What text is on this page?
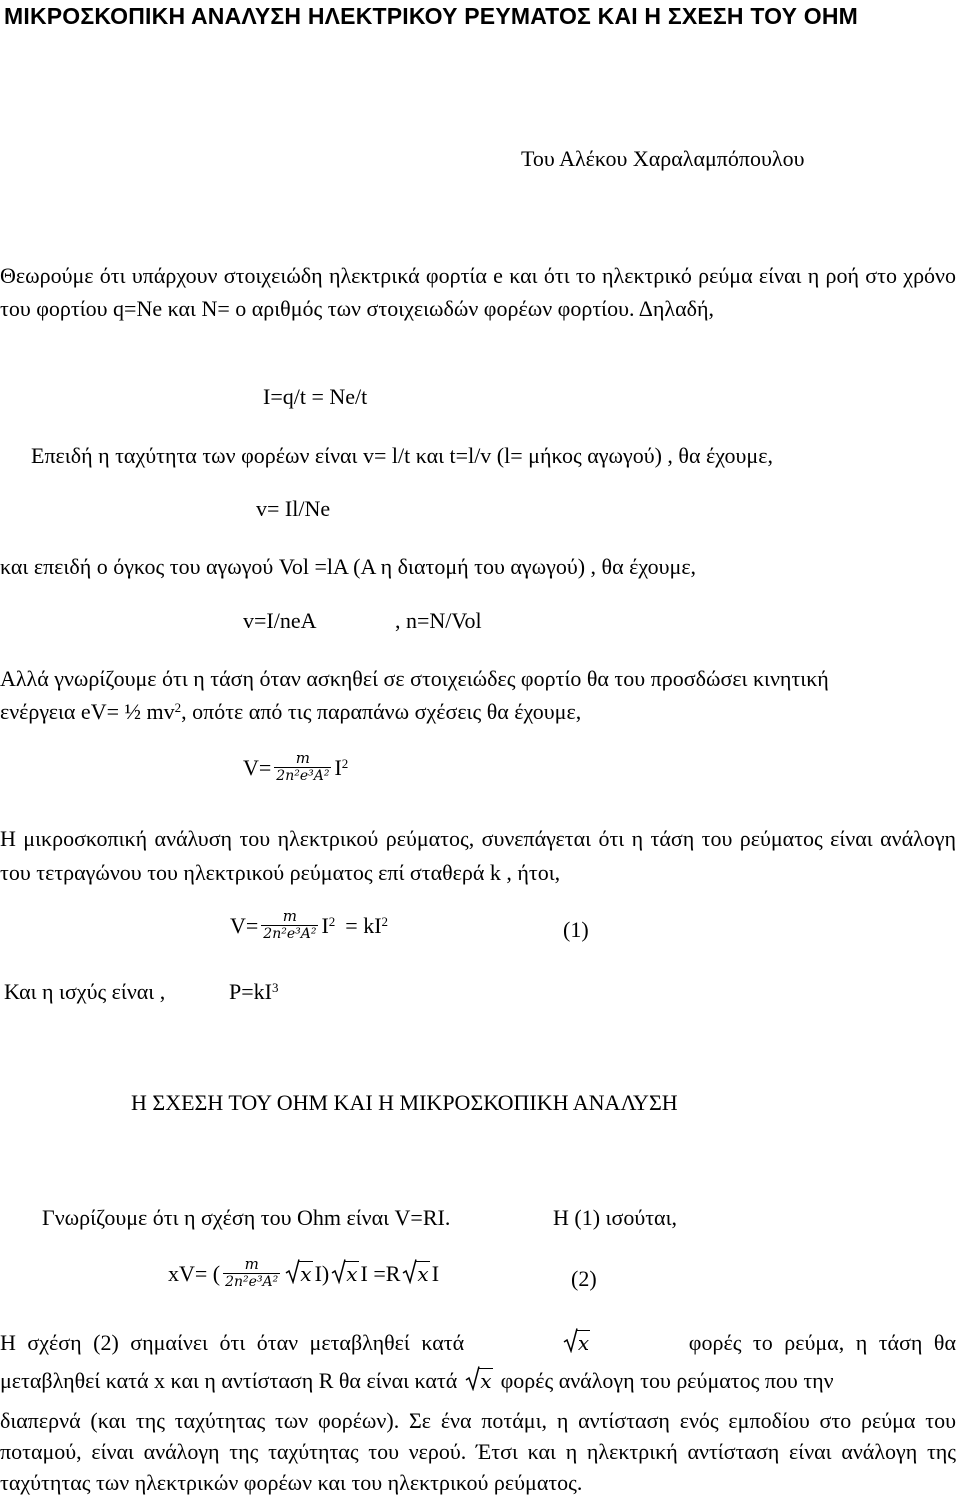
ΜΙΚΡΟΣΚΟΠΙΚΗ ΑΝΑΛΥΣΗ ΗΛΕΚΤΡΙΚΟΥ ΡΕΥΜΑΤΟΣ ΚΑΙ Η ΣΧΕΣΗ ΤΟΥ ΟΗΜ
Του Αλέκου Χαραλαμπόπουλου
Θεωρούμε ότι υπάρχουν στοιχειώδη ηλεκτρικά φορτία e και ότι το ηλεκτρικό ρεύμα είναι η ροή στο χρόνο του φορτίου q=Ne και N= ο αριθμός των στοιχειωδών φορέων φορτίου. Δηλαδή,
I=q/t = Ne/t
Επειδή η ταχύτητα των φορέων είναι v= l/t και t=l/v (l= μήκος αγωγού) , θα έχουμε,
v= Il/Ne
και επειδή ο όγκος του αγωγού Vol =lA (A η διατομή του αγωγού) , θα έχουμε,
v=I/neA	, n=N/Vol
Αλλά γνωρίζουμε ότι η τάση όταν ασκηθεί σε στοιχειώδες φορτίο θα του προσδώσει κινητική
ενέργεια eV= ½ $mv^2$, οπότε από τις παραπάνω σχέσεις θα έχουμε,
$V= \frac{m}{\text{2n²e³A²}} I^2$
Η μικροσκοπική ανάλυση του ηλεκτρικού ρεύματος, συνεπάγεται ότι η τάση του ρεύματος είναι ανάλογη του τετραγώνου του ηλεκτρικού ρεύματος επί σταθερά k , ήτοι,
$V= \frac{m}{\text{2n²e³A²}} I^2 = kI^2$	(1)
Και η ισχύς είναι ,	$P=kI^3$
Η ΣΧΕΣΗ ΤΟΥ ΟΗΜ ΚΑΙ Η ΜΙΚΡΟΣΚΟΠΙΚΗ ΑΝΑΛΥΣΗ
Γνωρίζουμε ότι η σχέση του Ohm είναι V=RI.	Η (1) ισούται,
xV= ( $\frac{m}{\text{2n²e³A²}}$	x I) x I =R x I	(2)
Η σχέση (2) σημαίνει ότι όταν μεταβληθεί κατά	x	φορές το ρεύμα, η τάση θα
μεταβληθεί κατά x και η αντίσταση R θα είναι κατά	x φορές ανάλογη του ρεύματος που την
διαπερνά (και της ταχύτητας των φορέων). Σε ένα ποτάμι, η αντίσταση ενός εμποδίου στο ρεύμα του ποταμού, είναι ανάλογη της ταχύτητας του νερού. Έτσι και η ηλεκτρική αντίσταση είναι ανάλογη της ταχύτητας των ηλεκτρικών φορέων και του ηλεκτρικού ρεύματος.
